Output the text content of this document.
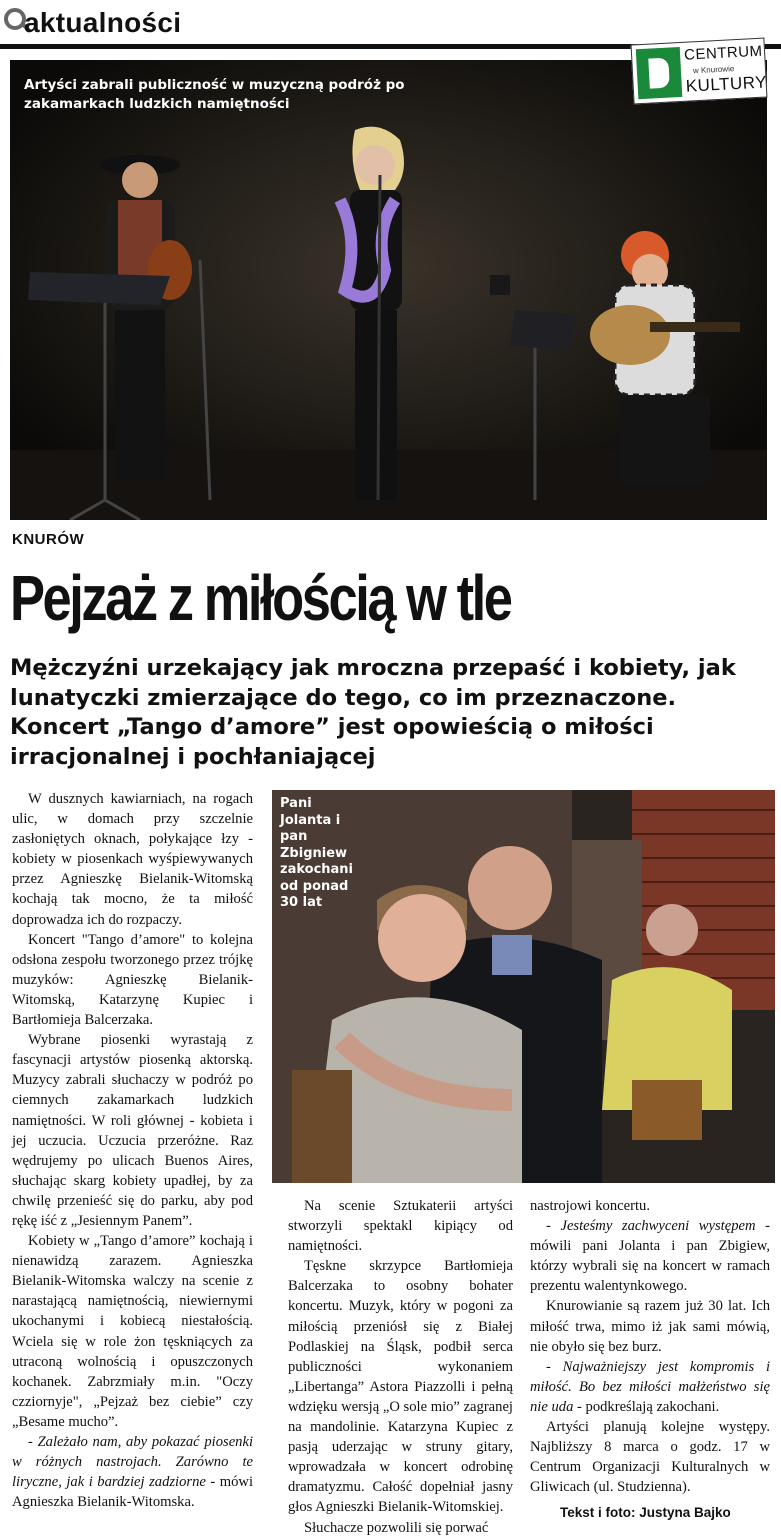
aktualności
Artyści zabrali publiczność w muzyczną podróż po zakamarkach ludzkich namiętności
CENTRUM
w Knurowie
KULTURY
KNURÓW
Pejzaż z miłością w tle
Mężczyźni urzekający jak mroczna przepaść i kobiety, jak lunatyczki zmierzające do tego, co im przeznaczone. Koncert „Tango d’amore” jest opowieścią o miłości irracjonalnej i pochłaniającej

W dusznych kawiarniach, na rogach ulic, w domach przy szczelnie zasłoniętych oknach, połykające łzy - kobiety w piosenkach wyśpiewywanych przez Agnieszkę Bielanik-Witomską kochają tak mocno, że ta miłość doprowadza ich do rozpaczy.

Koncert "Tango d’amore" to kolejna odsłona zespołu tworzonego przez trójkę muzyków: Agnieszkę Bielanik-Witomską, Katarzynę Kupiec i Bartłomieja Balcerzaka.

Wybrane piosenki wyrastają z fascynacji artystów piosenką aktorską. Muzycy zabrali słuchaczy w podróż po ciemnych zakamarkach ludzkich namiętności. W roli głównej - kobieta i jej uczucia. Uczucia przeróżne. Raz wędrujemy po ulicach Buenos Aires, słuchając skarg kobiety upadłej, by za chwilę przenieść się do parku, aby pod rękę iść z „Jesiennym Panem”.

Kobiety w „Tango d’amore” kochają i nienawidzą zarazem. Agnieszka Bielanik-Witomska walczy na scenie z narastającą namiętnością, niewiernymi ukochanymi i kobiecą niestałością. Wciela się w role żon tęskniących za utraconą wolnością i opuszczonych kochanek. Zabrzmiały m.in. "Oczy czziornyje", „Pejzaż bez ciebie” czy „Besame mucho”.

- Zależało nam, aby pokazać piosenki w różnych nastrojach. Zarówno te liryczne, jak i bardziej zadziorne - mówi Agnieszka Bielanik-Witomska.

Pani Jolanta i pan Zbigniew zakochani od ponad 30 lat

Na scenie Sztukaterii artyści stworzyli spektakl kipiący od namiętności.

Tęskne skrzypce Bartłomieja Balcerzaka to osobny bohater koncertu. Muzyk, który w pogoni za miłością przeniósł się z Białej Podlaskiej na Śląsk, podbił serca publiczności wykonaniem „Libertanga” Astora Piazzolli i pełną wdzięku wersją „O sole mio” zagranej na mandolinie. Katarzyna Kupiec z pasją uderzając w struny gitary, wprowadzała w koncert odrobinę dramatyzmu. Całość dopełniał jasny głos Agnieszki Bielanik-Witomskiej.

Słuchacze pozwolili się porwać

nastrojowi koncertu.

- Jesteśmy zachwyceni występem - mówili pani Jolanta i pan Zbigiew, którzy wybrali się na koncert w ramach prezentu walentynkowego.

Knurowianie są razem już 30 lat. Ich miłość trwa, mimo iż jak sami mówią, nie obyło się bez burz.

- Najważniejszy jest kompromis i miłość. Bo bez miłości małżeństwo się nie uda - podkreślają zakochani.

Artyści planują kolejne występy. Najbliższy 8 marca o godz. 17 w Centrum Organizacji Kulturalnych w Gliwicach (ul. Studzienna).

Tekst i foto: Justyna Bajko
